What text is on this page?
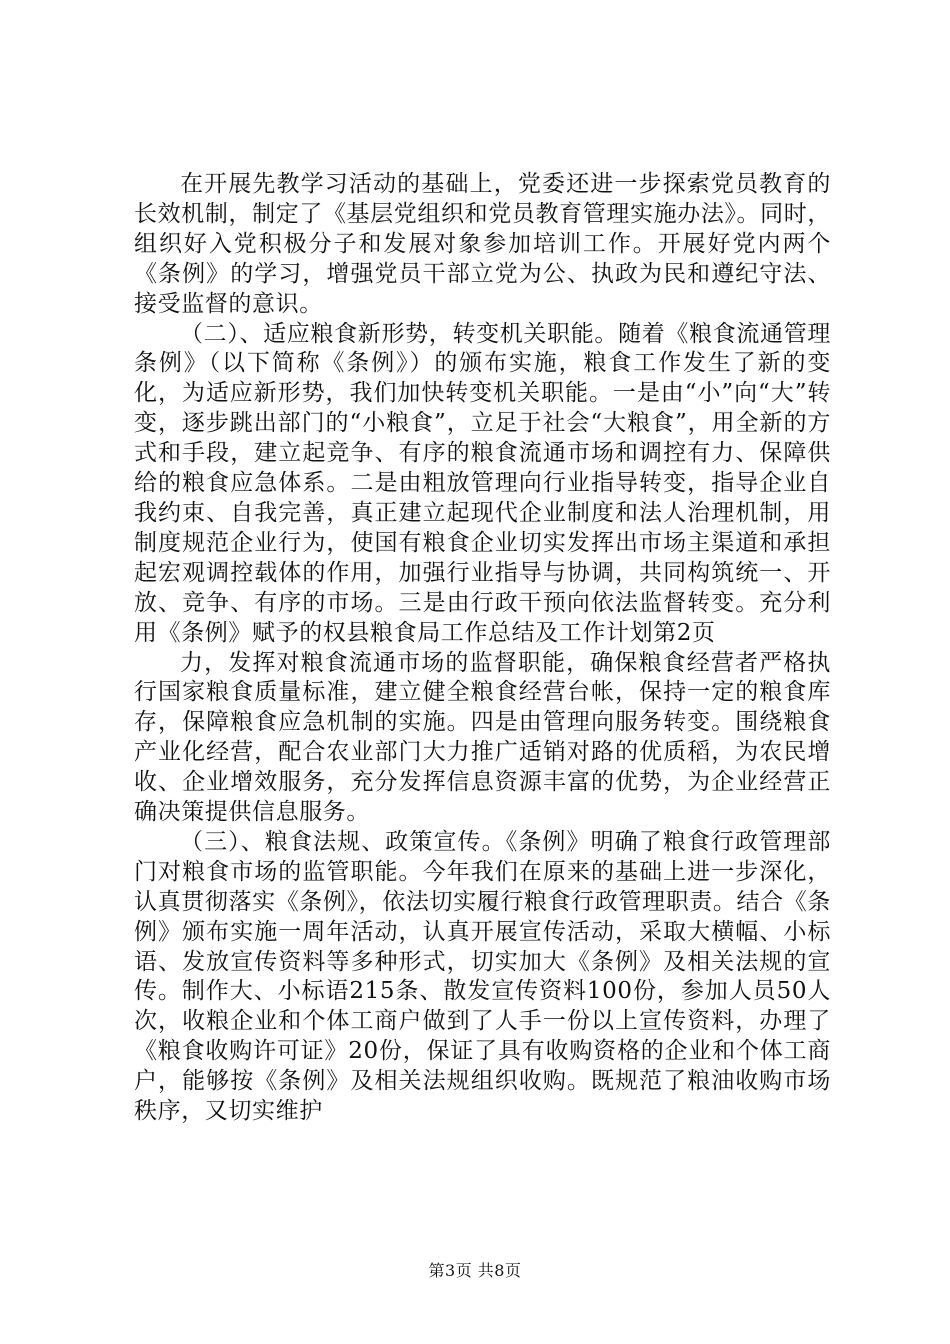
在开展先教学习活动的基础上，党委还进一步探索党员教育的长效机制，制定了《基层党组织和党员教育管理实施办法》。同时，组织好入党积极分子和发展对象参加培训工作。开展好党内两个《条例》的学习，增强党员干部立党为公、执政为民和遵纪守法、接受监督的意识。

（二）、适应粮食新形势，转变机关职能。随着《粮食流通管理条例》（以下简称《条例》）的颁布实施，粮食工作发生了新的变化，为适应新形势，我们加快转变机关职能。一是由“小”向“大”转变，逐步跳出部门的“小粮食”，立足于社会“大粮食”，用全新的方式和手段，建立起竞争、有序的粮食流通市场和调控有力、保障供给的粮食应急体系。二是由粗放管理向行业指导转变，指导企业自我约束、自我完善，真正建立起现代企业制度和法人治理机制，用制度规范企业行为，使国有粮食企业切实发挥出市场主渠道和承担起宏观调控载体的作用，加强行业指导与协调，共同构筑统一、开放、竞争、有序的市场。三是由行政干预向依法监督转变。充分利用《条例》赋予的权县粮食局工作总结及工作计划第2页

力，发挥对粮食流通市场的监督职能，确保粮食经营者严格执行国家粮食质量标准，建立健全粮食经营台帐，保持一定的粮食库存，保障粮食应急机制的实施。四是由管理向服务转变。围绕粮食产业化经营，配合农业部门大力推广适销对路的优质稻，为农民增收、企业增效服务，充分发挥信息资源丰富的优势，为企业经营正确决策提供信息服务。

（三）、粮食法规、政策宣传。《条例》明确了粮食行政管理部门对粮食市场的监管职能。今年我们在原来的基础上进一步深化，认真贯彻落实《条例》，依法切实履行粮食行政管理职责。结合《条例》颁布实施一周年活动，认真开展宣传活动，采取大横幅、小标语、发放宣传资料等多种形式，切实加大《条例》及相关法规的宣传。制作大、小标语215条、散发宣传资料100份，参加人员50人次，收粮企业和个体工商户做到了人手一份以上宣传资料，办理了《粮食收购许可证》20份，保证了具有收购资格的企业和个体工商户，能够按《条例》及相关法规组织收购。既规范了粮油收购市场秩序，又切实维护

第3页 共8页
